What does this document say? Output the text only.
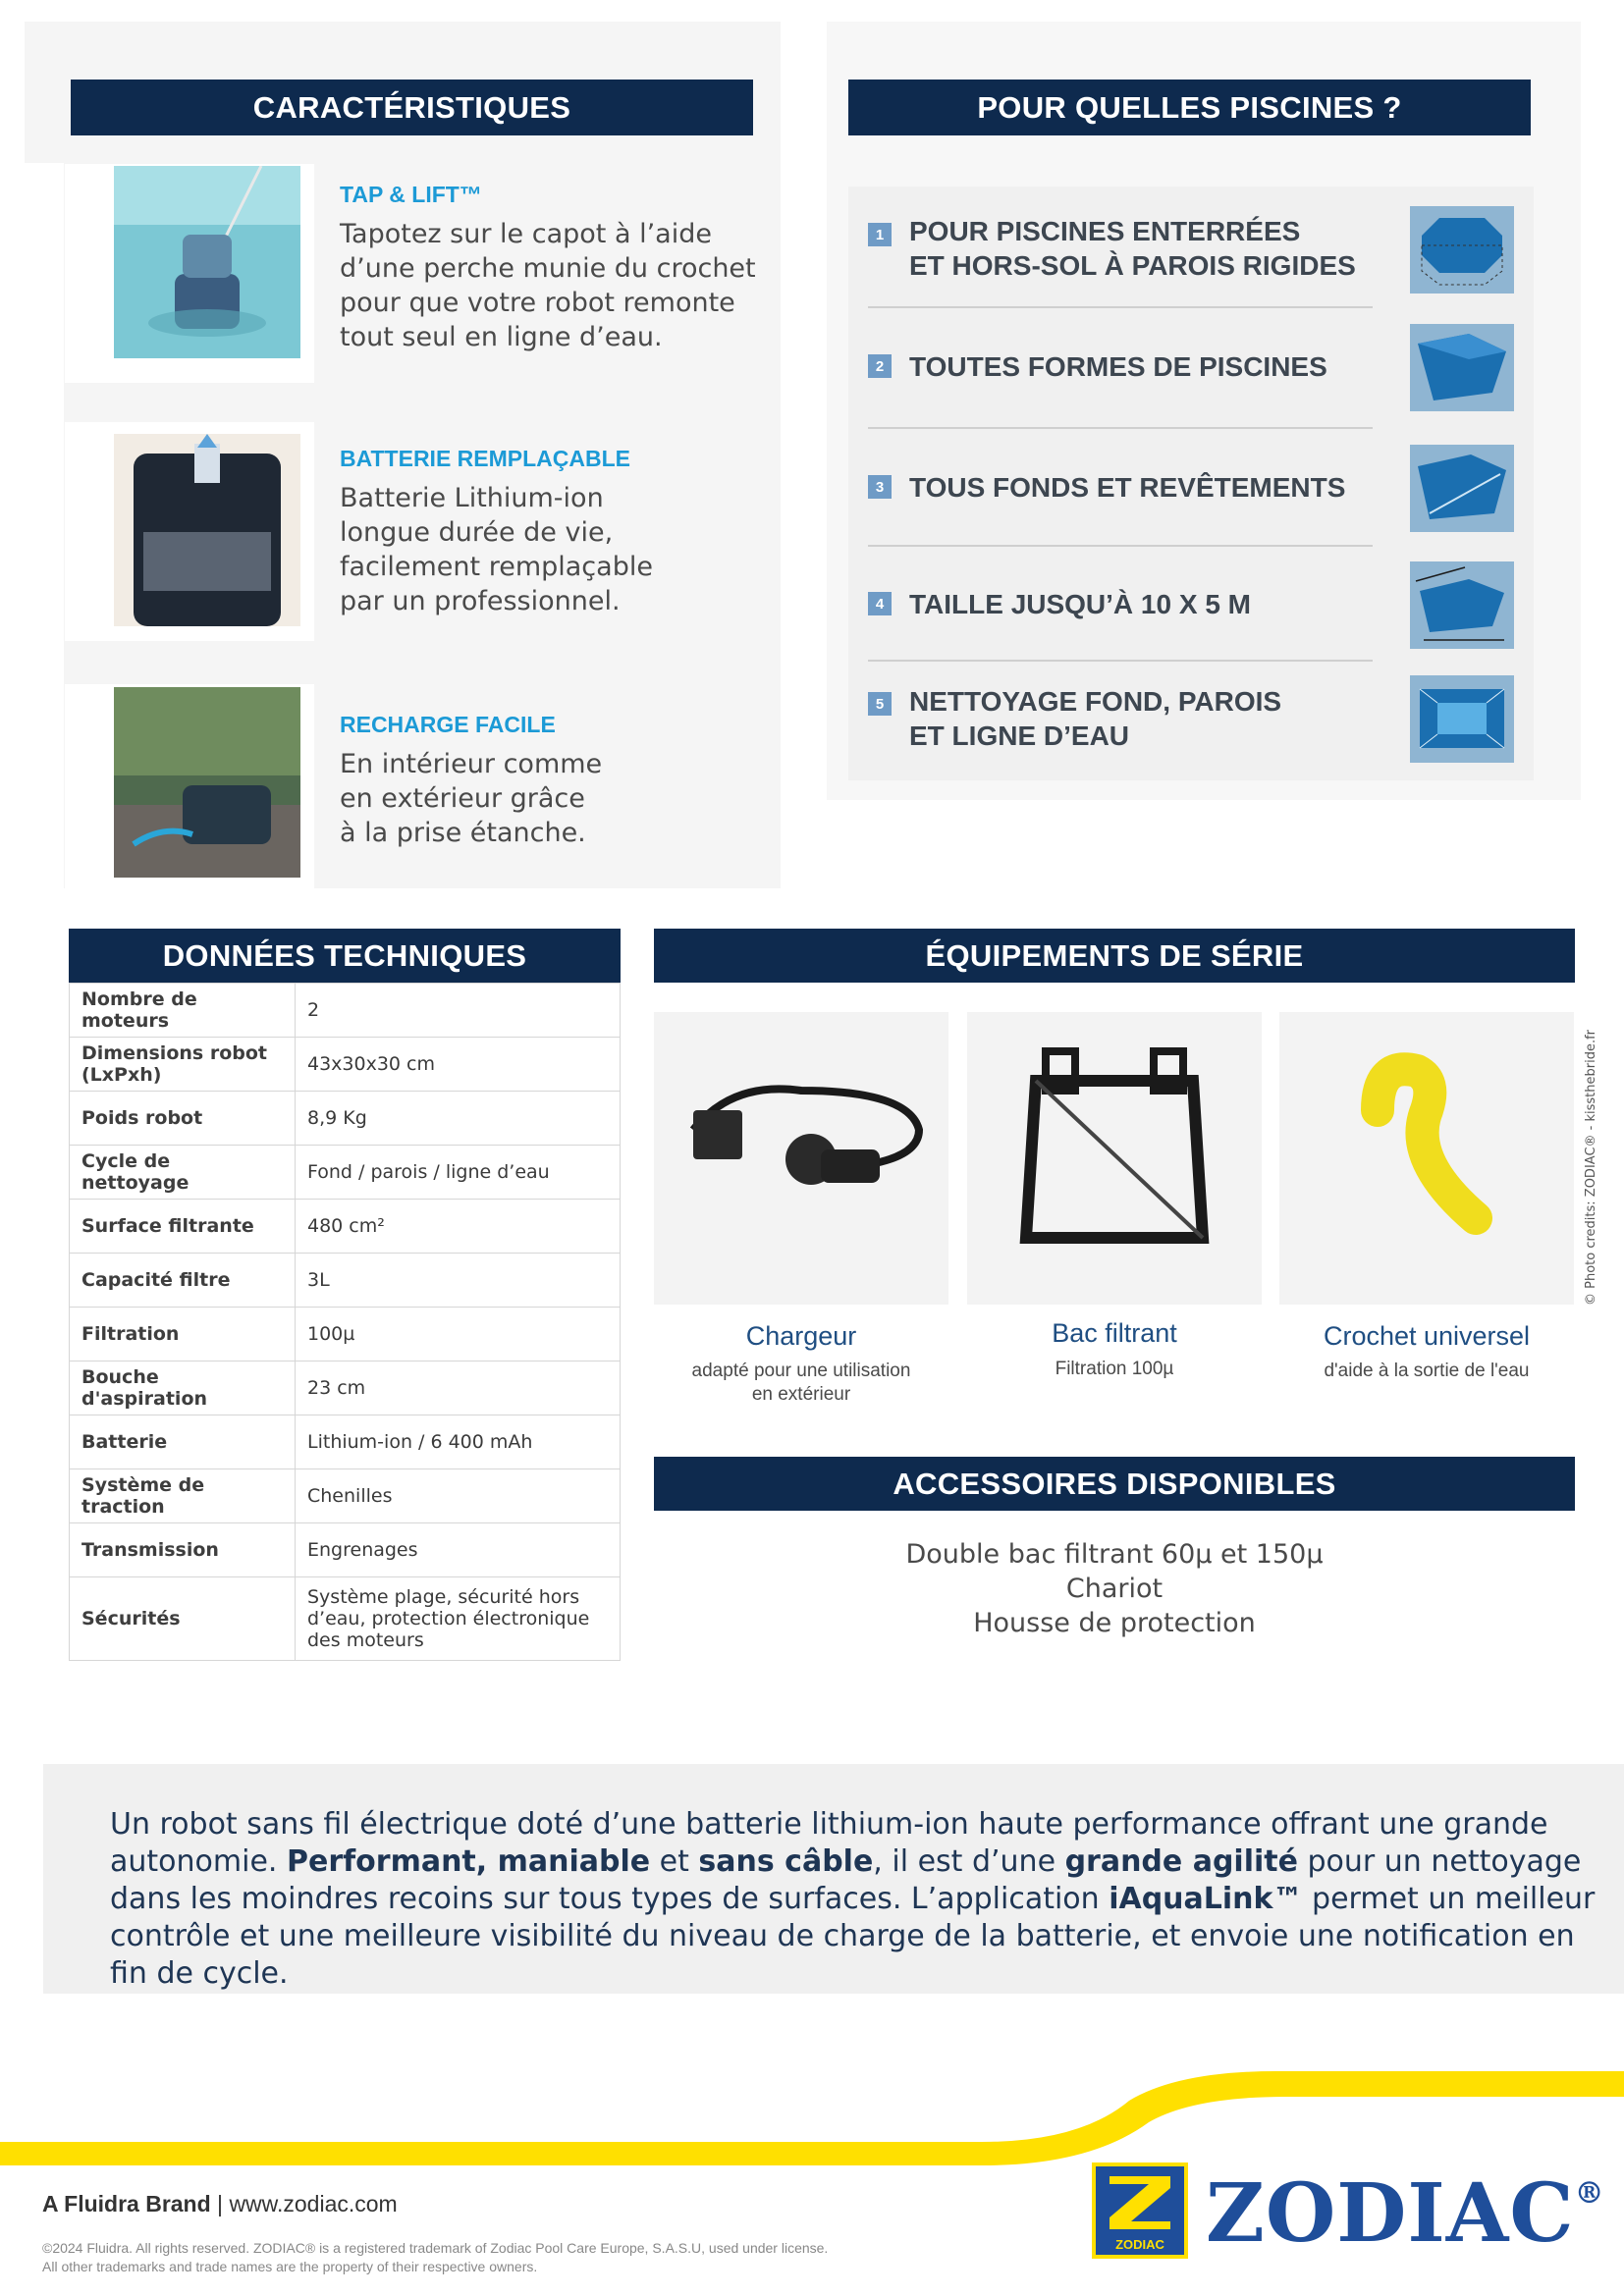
CARACTÉRISTIQUES
TAP & LIFT™
Tapotez sur le capot à l’aide
d’une perche munie du crochet
pour que votre robot remonte
tout seul en ligne d’eau.
BATTERIE REMPLAÇABLE
Batterie Lithium-ion
longue durée de vie,
facilement remplaçable
par un professionnel.
RECHARGE FACILE
En intérieur comme
en extérieur grâce
à la prise étanche.
POUR QUELLES PISCINES ?
1 POUR PISCINES ENTERRÉES
ET HORS-SOL À PAROIS RIGIDES
2 TOUTES FORMES DE PISCINES
3 TOUS FONDS ET REVÊTEMENTS
4 TAILLE JUSQU’À 10 X 5 M
5 NETTOYAGE FOND, PAROIS
ET LIGNE D’EAU
DONNÉES TECHNIQUES
Nombre de moteurs	2
Dimensions robot (LxPxh)	43x30x30 cm
Poids robot	8,9 Kg
Cycle de nettoyage	Fond / parois / ligne d’eau
Surface filtrante	480 cm²
Capacité filtre	3L
Filtration	100µ
Bouche d'aspiration	23 cm
Batterie	Lithium-ion / 6 400 mAh
Système de traction	Chenilles
Transmission	Engrenages
Sécurités	Système plage, sécurité hors d’eau, protection électronique des moteurs
ÉQUIPEMENTS DE SÉRIE
Chargeur
adapté pour une utilisation
en extérieur
Bac filtrant
Filtration 100µ
Crochet universel
d'aide à la sortie de l'eau
© Photo credits: ZODIAC® - kissthebride.fr
ACCESSOIRES DISPONIBLES
Double bac filtrant 60µ et 150µ
Chariot
Housse de protection

Un robot sans fil électrique doté d’une batterie lithium-ion haute performance offrant une grande autonomie. Performant, maniable et sans câble, il est d’une grande agilité pour un nettoyage dans les moindres recoins sur tous types de surfaces. L’application iAquaLink™ permet un meilleur contrôle et une meilleure visibilité du niveau de charge de la batterie, et envoie une notification en fin de cycle.

A Fluidra Brand | www.zodiac.com
©2024 Fluidra. All rights reserved. ZODIAC® is a registered trademark of Zodiac Pool Care Europe, S.A.S.U, used under license.
All other trademarks and trade names are the property of their respective owners.
ZODIAC ZODIAC®
